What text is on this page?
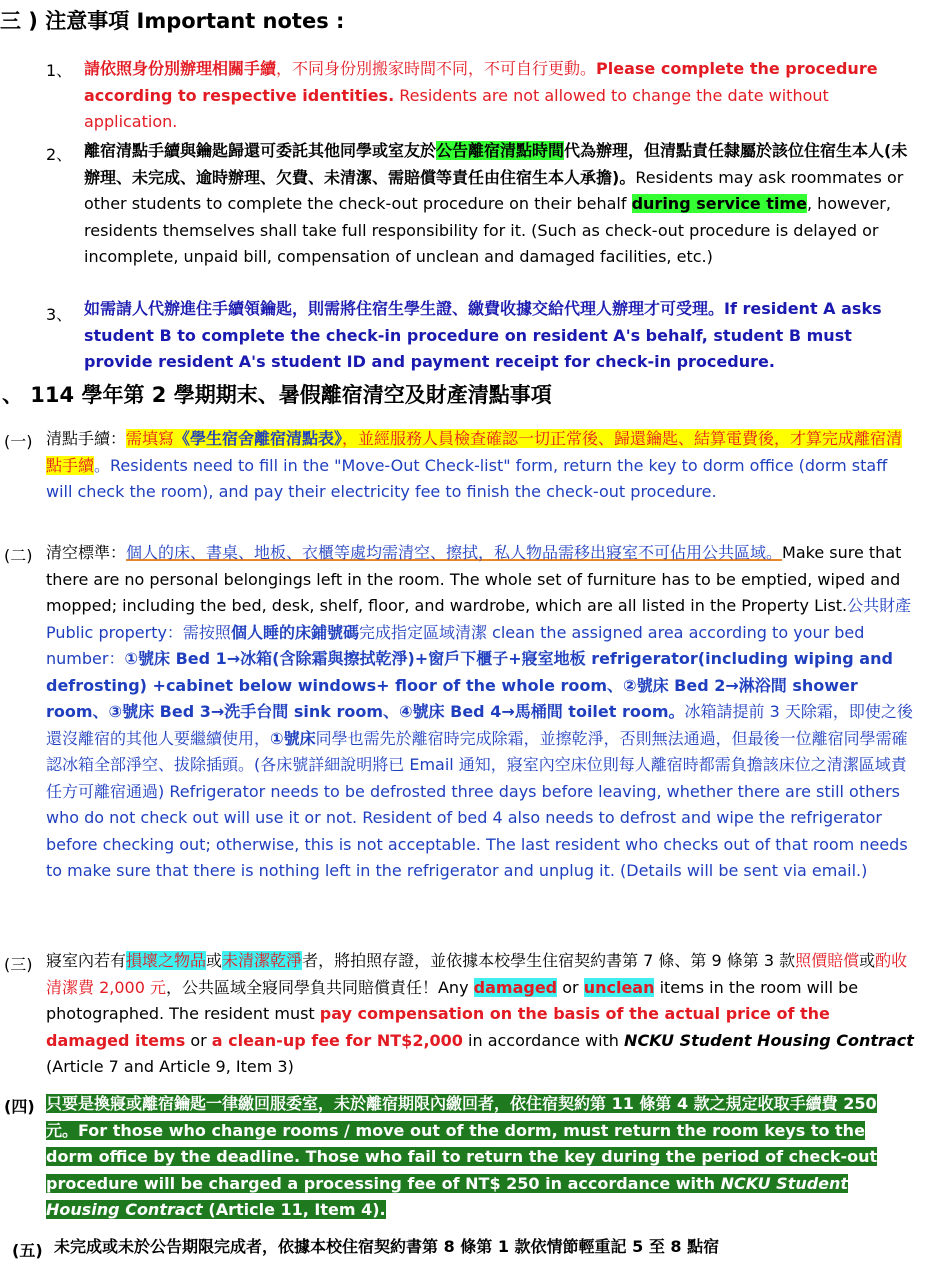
三 ) 注意事項 Important notes :
1、 請依照身份別辦理相關手續，不同身份別搬家時間不同，不可自行更動。Please complete the procedure according to respective identities. Residents are not allowed to change the date without application.
2、 離宿清點手續與鑰匙歸還可委託其他同學或室友於公告離宿清點時間代為辦理，但清點責任隸屬於該位住宿生本人(未辦理、未完成、逾時辦理、欠費、未清潔、需賠償等責任由住宿生本人承擔)。Residents may ask roommates or other students to complete the check-out procedure on their behalf during service time, however, residents themselves shall take full responsibility for it. (Such as check-out procedure is delayed or incomplete, unpaid bill, compensation of unclean and damaged facilities, etc.)
3、 如需請人代辦進住手續領鑰匙，則需將住宿生學生證、繳費收據交給代理人辦理才可受理。If resident A asks student B to complete the check-in procedure on resident A's behalf, student B must provide resident A's student ID and payment receipt for check-in procedure.
、 114 學年第 2 學期期末、暑假離宿清空及財產清點事項
(一) 清點手續：需填寫《學生宿舍離宿清點表》，並經服務人員檢查確認一切正常後、歸還鑰匙、結算電費後，才算完成離宿清點手續。Residents need to fill in the "Move-Out Check-list" form, return the key to dorm office (dorm staff will check the room), and pay their electricity fee to finish the check-out procedure.
(二) 清空標準：個人的床、書桌、地板、衣櫃等處均需清空、擦拭，私人物品需移出寢室不可佔用公共區域。Make sure that there are no personal belongings left in the room. The whole set of furniture has to be emptied, wiped and mopped; including the bed, desk, shelf, floor, and wardrobe, which are all listed in the Property List.公共財產 Public property：需按照個人睡的床鋪號碼完成指定區域清潔 clean the assigned area according to your bed number：①號床 Bed 1→冰箱(含除霜與擦拭乾淨)+窗戶下櫃子+寢室地板 refrigerator(including wiping and defrosting) +cabinet below windows+ floor of the whole room、②號床 Bed 2→淋浴間 shower room、③號床 Bed 3→洗手台間 sink room、④號床 Bed 4→馬桶間 toilet room。冰箱請提前 3 天除霜，即使之後還沒離宿的其他人要繼續使用，①號床同學也需先於離宿時完成除霜，並擦乾淨，否則無法通過，但最後一位離宿同學需確認冰箱全部淨空、拔除插頭。(各床號詳細說明將已 Email 通知，寢室內空床位則每人離宿時都需負擔該床位之清潔區域責任方可離宿通過) Refrigerator needs to be defrosted three days before leaving, whether there are still others who do not check out will use it or not. Resident of bed 4 also needs to defrost and wipe the refrigerator before checking out; otherwise, this is not acceptable. The last resident who checks out of that room needs to make sure that there is nothing left in the refrigerator and unplug it. (Details will be sent via email.)
(三) 寢室內若有損壞之物品或未清潔乾淨者，將拍照存證，並依據本校學生住宿契約書第 7 條、第 9 條第 3 款照價賠償或酌收清潔費 2,000 元，公共區域全寢同學負共同賠償責任！Any damaged or unclean items in the room will be photographed. The resident must pay compensation on the basis of the actual price of the damaged items or a clean-up fee for NT$2,000 in accordance with NCKU Student Housing Contract (Article 7 and Article 9, Item 3)
(四) 只要是換寢或離宿鑰匙一律繳回服委室，未於離宿期限內繳回者，依住宿契約第 11 條第 4 款之規定收取手續費 250 元。For those who change rooms / move out of the dorm, must return the room keys to the dorm office by the deadline. Those who fail to return the key during the period of check-out procedure will be charged a processing fee of NT$ 250 in accordance with NCKU Student Housing Contract (Article 11, Item 4).
(五) 未完成或未於公告期限完成者，依據本校住宿契約書第 8 條第 1 款依情節輕重記 5 至 8 點宿
